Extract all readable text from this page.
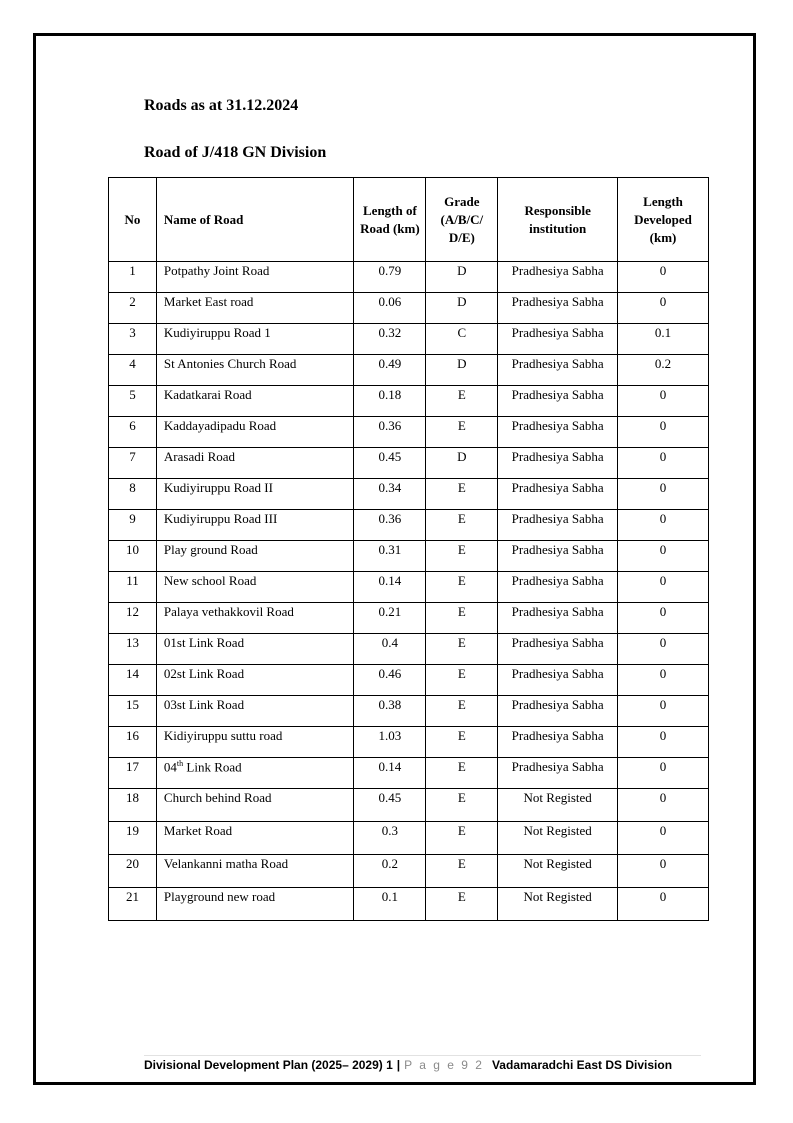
Roads as at 31.12.2024
Road of J/418 GN Division
No	Name of Road	Length of Road (km)	Grade (A/B/C/ D/E)	Responsible institution	Length Developed (km)
1	Potpathy Joint Road	0.79	D	Pradhesiya Sabha	0
2	Market East road	0.06	D	Pradhesiya Sabha	0
3	Kudiyiruppu Road 1	0.32	C	Pradhesiya Sabha	0.1
4	St Antonies Church Road	0.49	D	Pradhesiya Sabha	0.2
5	Kadatkarai Road	0.18	E	Pradhesiya Sabha	0
6	Kaddayadipadu Road	0.36	E	Pradhesiya Sabha	0
7	Arasadi Road	0.45	D	Pradhesiya Sabha	0
8	Kudiyiruppu Road II	0.34	E	Pradhesiya Sabha	0
9	Kudiyiruppu Road III	0.36	E	Pradhesiya Sabha	0
10	Play ground Road	0.31	E	Pradhesiya Sabha	0
11	New school Road	0.14	E	Pradhesiya Sabha	0
12	Palaya vethakkovil Road	0.21	E	Pradhesiya Sabha	0
13	01st Link Road	0.4	E	Pradhesiya Sabha	0
14	02st Link Road	0.46	E	Pradhesiya Sabha	0
15	03st Link Road	0.38	E	Pradhesiya Sabha	0
16	Kidiyiruppu suttu road	1.03	E	Pradhesiya Sabha	0
17	04th Link Road	0.14	E	Pradhesiya Sabha	0
18	Church behind Road	0.45	E	Not Registed	0
19	Market Road	0.3	E	Not Registed	0
20	Velankanni matha Road	0.2	E	Not Registed	0
21	Playground new road	0.1	E	Not Registed	0
Divisional Development Plan (2025– 2029) 1 | P a g e 9 2 Vadamaradchi East DS Division
